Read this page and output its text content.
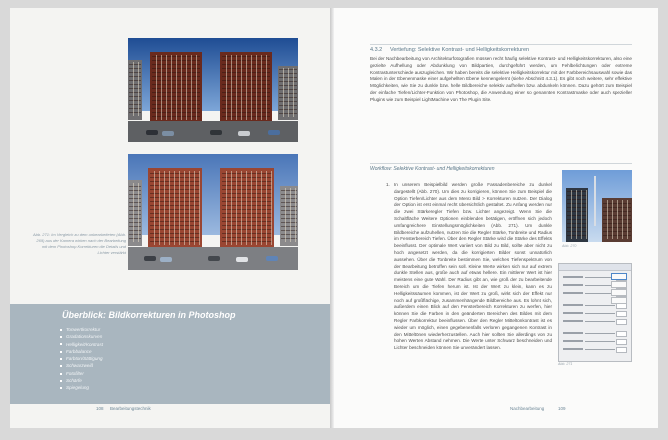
Abb. 271: Im Vergleich zu dem unbearbeiteten (Abb. 269) aus der Kamera wirken nach der Bearbeitung mit dem Photoshop Korrekturen die Details und Lichter verstärkt
Überblick: Bildkorrekturen in Photoshop
Tonwertkorrektur
Gradationskurven
Helligkeit/Kontrast
Farbbalance
Farbton/Sättigung
Schwarzweiß
Fotofilter
Schärfe
Spiegelung
108 Bearbeitungstechnik
4.3.2 Vertiefung: Selektive Kontrast- und Helligkeitskorrekturen

Bei der Nachbearbeitung von Architekturfotografien müssen recht häufig selektive Kontrast- und Helligkeitskorrekturen, also eine gezielte Aufhellung oder Abdunklung von Bildpartien, durchgeführt werden, um Fehlbelichtungen oder extreme Kontrastunterschiede auszugleichen. Wir haben bereits die selektive Helligkeitskorrektur mit der Farbbereichsauswahl sowie das Malen in der Ebenenmaske einer aufgehellten Ebene kennengelernt (siehe Abschnitt 4.3.1). Es gibt noch weitere, sehr effektive Möglichkeiten, wie Sie zu dunkle bzw. helle Bildbereiche selektiv aufhellen bzw. abdunkeln können. Dazu gehört zum Beispiel der einfache Tiefen/Lichter-Funktion von Photoshop, die Anwendung einer so genannten Kontrastmaske oder auch spezieller Plugins wie zum Beispiel LightMachine von The Plugin Site.

Workflow: Selektive Kontrast- und Helligkeitskorrekturen
1. In unserem Beispielbild werden große Fassadenbereiche zu dunkel dargestellt (Abb. 270). Um dies zu korrigieren, können Sie zum Beispiel die Option Tiefen/Lichter aus dem Menü Bild > Korrekturen nutzen. Der Dialog der Option ist erst einmal recht übersichtlich gestaltet. Zu Anfang werden nur die zwei Stärkeregler Tiefen bzw. Lichter angezeigt. Wenn Sie die Schaltfläche Weitere Optionen einblenden betätigen, eröffnen sich jedoch umfangreichere Einstellungsmöglichkeiten (Abb. 271). Um dunkle Bildbereiche aufzuhellen, nutzen Sie die Regler Stärke, Tonbreite und Radius im Fensterbereich Tiefen. Über den Regler Stärke wird die Stärke des Effekts beeinflusst. Der optimale Wert variiert von Bild zu Bild, sollte aber nicht zu hoch angesetzt werden, da die korrigierten Bilder sonst unnatürlich aussehen. Über die Tonbreite bestimmen Sie, welches Tiefenspektrum von der Bearbeitung betroffen sein soll. Kleine Werte wirken sich nur auf extrem dunkle Stellen aus, große auch auf etwas hellere. Ein mittlerer Wert ist hier meistens eine gute Wahl. Der Radius gibt an, wie groß der zu bearbeitende Bereich um die Tiefen herum ist. Ist der Wert zu klein, kann es zu Helligkeitssäumen kommen, ist der Wert zu groß, wirkt sich der Effekt nur noch auf großflächige, zusammenhängende Bildbereiche aus. Es lohnt sich, außerdem einen Blick auf den Fensterbereich Korrekturen zu werfen, hier können Sie die Farben in den geänderten Bereichen des Bildes mit dem Regler Farbkorrektur beeinflussen. Über den Regler Mitteltonkontrast ist es wieder um möglich, einen gegebenenfalls verloren gegangenen Kontrast in den Mitteltönen wiederherzustellen. Auch hier sollten Sie allerdings von zu hohen Werten Abstand nehmen. Die Werte unter Schwarz beschneiden und Lichter beschneiden können Sie unverändert lassen.

Abb. 270
Abb. 271
Nachbearbeitung	109
